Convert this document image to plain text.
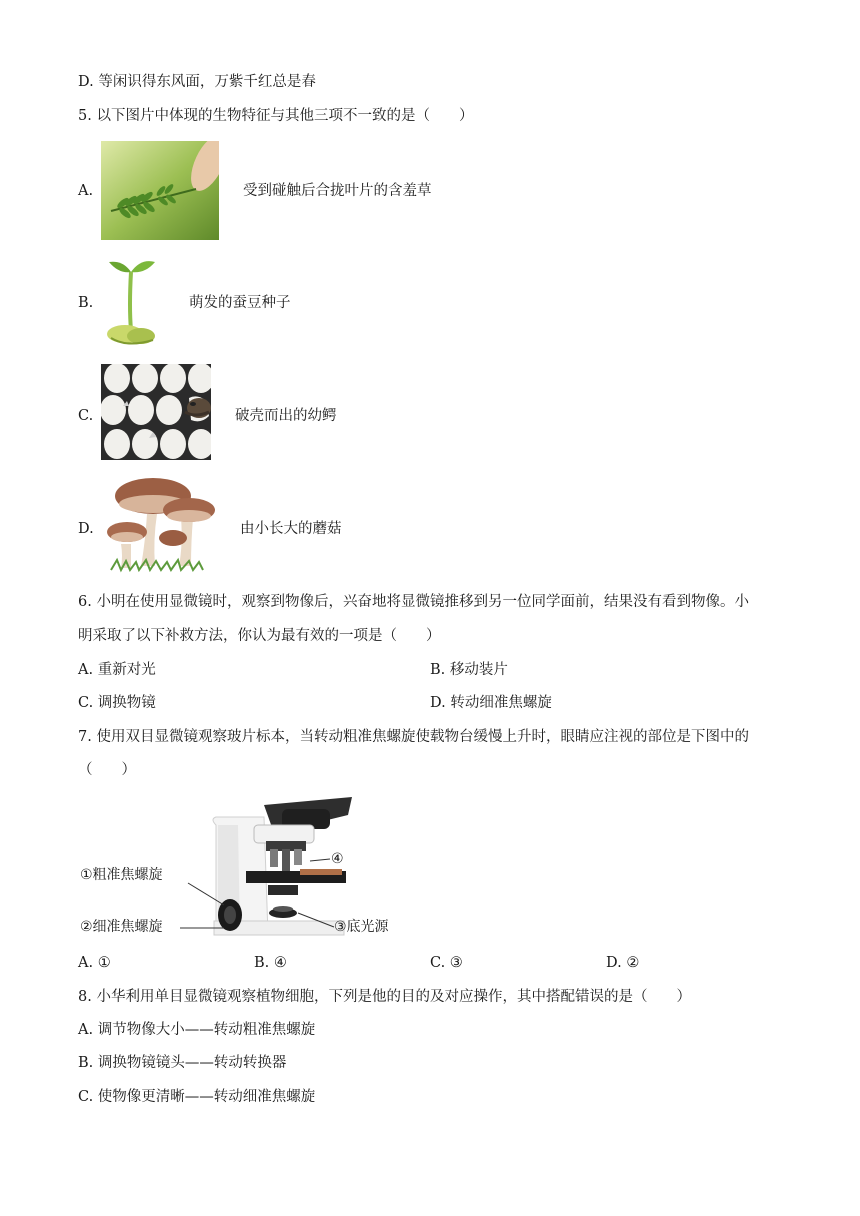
D. 等闲识得东风面，万紫千红总是春
5. 以下图片中体现的生物特征与其他三项不一致的是（　　）
A.	受到碰触后合拢叶片的含羞草
B.	萌发的蚕豆种子
C.	破壳而出的幼鳄
D.	由小长大的蘑菇
6. 小明在使用显微镜时，观察到物像后，兴奋地将显微镜推移到另一位同学面前，结果没有看到物像。小
明采取了以下补救方法，你认为最有效的一项是（　　）
A. 重新对光	B. 移动装片
C. 调换物镜	D. 转动细准焦螺旋
7. 使用双目显微镜观察玻片标本，当转动粗准焦螺旋使载物台缓慢上升时，眼睛应注视的部位是下图中的
（　　）
①粗准焦螺旋
②细准焦螺旋	③底光源
④
A. ①	B. ④	C. ③	D. ②
8. 小华利用单目显微镜观察植物细胞，下列是他的目的及对应操作，其中搭配错误的是（　　）
A. 调节物像大小——转动粗准焦螺旋
B. 调换物镜镜头——转动转换器
C. 使物像更清晰——转动细准焦螺旋
